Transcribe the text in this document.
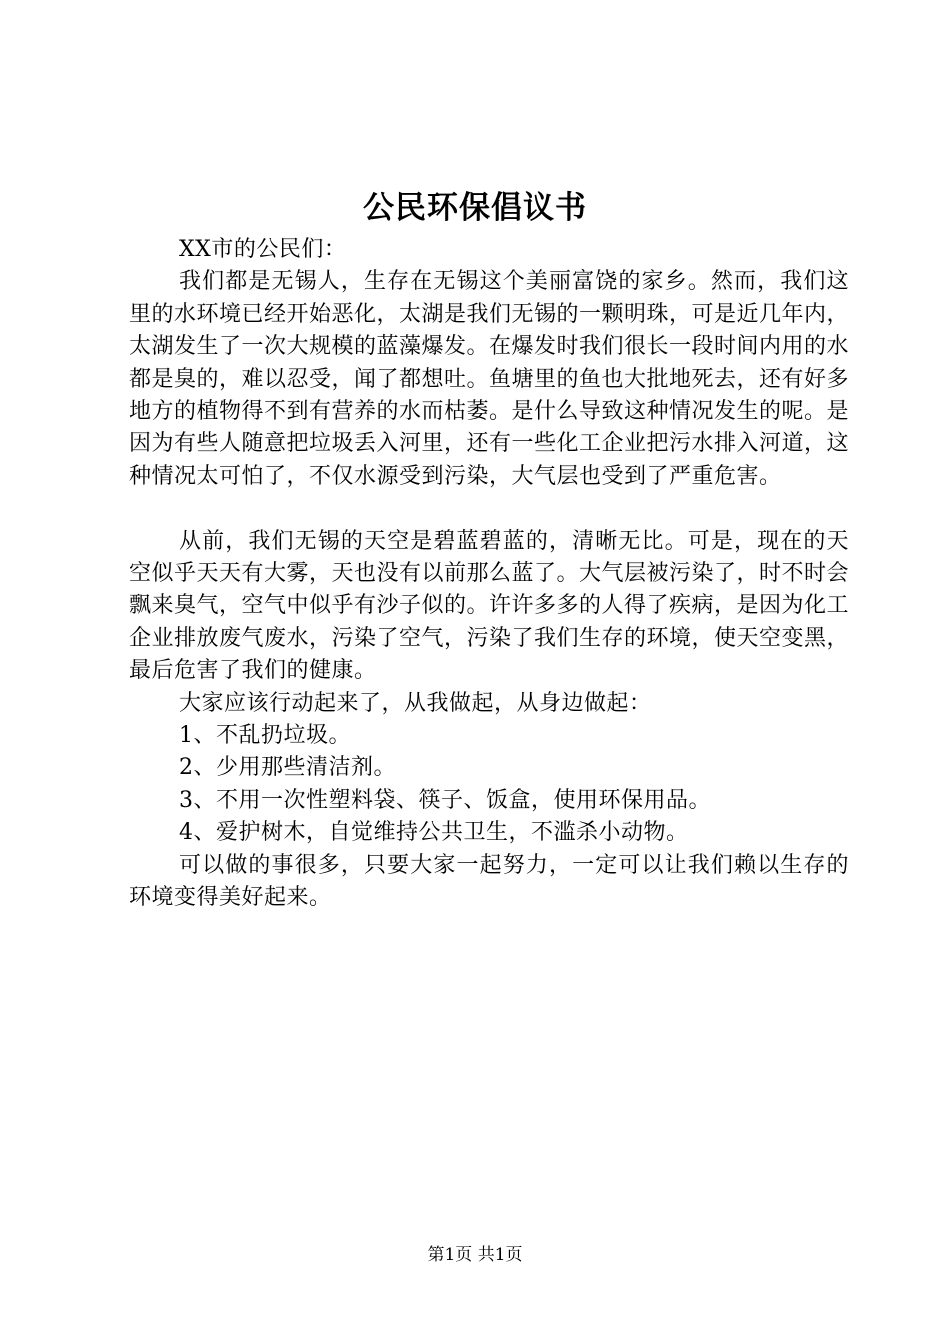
公民环保倡议书

XX市的公民们：

我们都是无锡人，生存在无锡这个美丽富饶的家乡。然而，我们这里的水环境已经开始恶化，太湖是我们无锡的一颗明珠，可是近几年内，太湖发生了一次大规模的蓝藻爆发。在爆发时我们很长一段时间内用的水都是臭的，难以忍受，闻了都想吐。鱼塘里的鱼也大批地死去，还有好多地方的植物得不到有营养的水而枯萎。是什么导致这种情况发生的呢。是因为有些人随意把垃圾丢入河里，还有一些化工企业把污水排入河道，这种情况太可怕了，不仅水源受到污染，大气层也受到了严重危害。

从前，我们无锡的天空是碧蓝碧蓝的，清晰无比。可是，现在的天空似乎天天有大雾，天也没有以前那么蓝了。大气层被污染了，时不时会飘来臭气，空气中似乎有沙子似的。许许多多的人得了疾病，是因为化工企业排放废气废水，污染了空气，污染了我们生存的环境，使天空变黑，最后危害了我们的健康。

大家应该行动起来了，从我做起，从身边做起：

1、不乱扔垃圾。

2、少用那些清洁剂。

3、不用一次性塑料袋、筷子、饭盒，使用环保用品。

4、爱护树木，自觉维持公共卫生，不滥杀小动物。

可以做的事很多，只要大家一起努力，一定可以让我们赖以生存的环境变得美好起来。

第1页 共1页
